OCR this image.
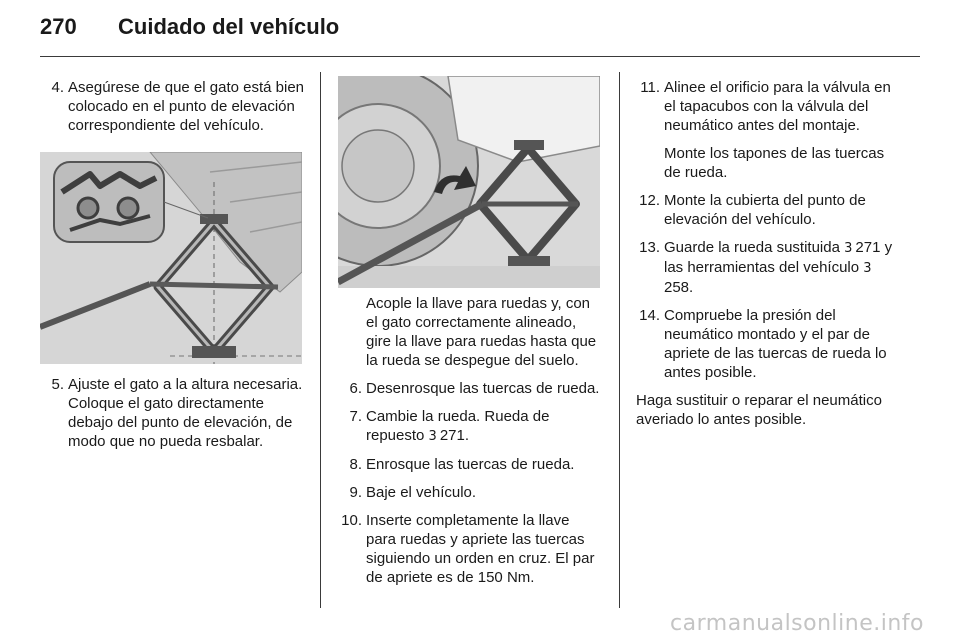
270	Cuidado del vehículo
4. Asegúrese de que el gato está bien colocado en el punto de elevación correspondiente del vehículo.
5. Ajuste el gato a la altura necesaria. Coloque el gato directamente debajo del punto de elevación, de modo que no pueda resbalar.

Acople la llave para ruedas y, con el gato correctamente alineado, gire la llave para ruedas hasta que la rueda se despegue del suelo.

6. Desenrosque las tuercas de rueda.
7. Cambie la rueda. Rueda de repuesto 3  271.
8. Enrosque las tuercas de rueda.
9. Baje el vehículo.
10. Inserte completamente la llave para ruedas y apriete las tuercas siguiendo un orden en cruz. El par de apriete es de 150 Nm.
11. Alinee el orificio para la válvula en el tapacubos con la válvula del neumático antes del montaje.

Monte los tapones de las tuercas de rueda.

12. Monte la cubierta del punto de elevación del vehículo.
13. Guarde la rueda sustituida 3  271 y las herramientas del vehículo 3 258.
14. Compruebe la presión del neumático montado y el par de apriete de las tuercas de rueda lo antes posible.

Haga sustituir o reparar el neumático averiado lo antes posible.

carmanualsonline.info
